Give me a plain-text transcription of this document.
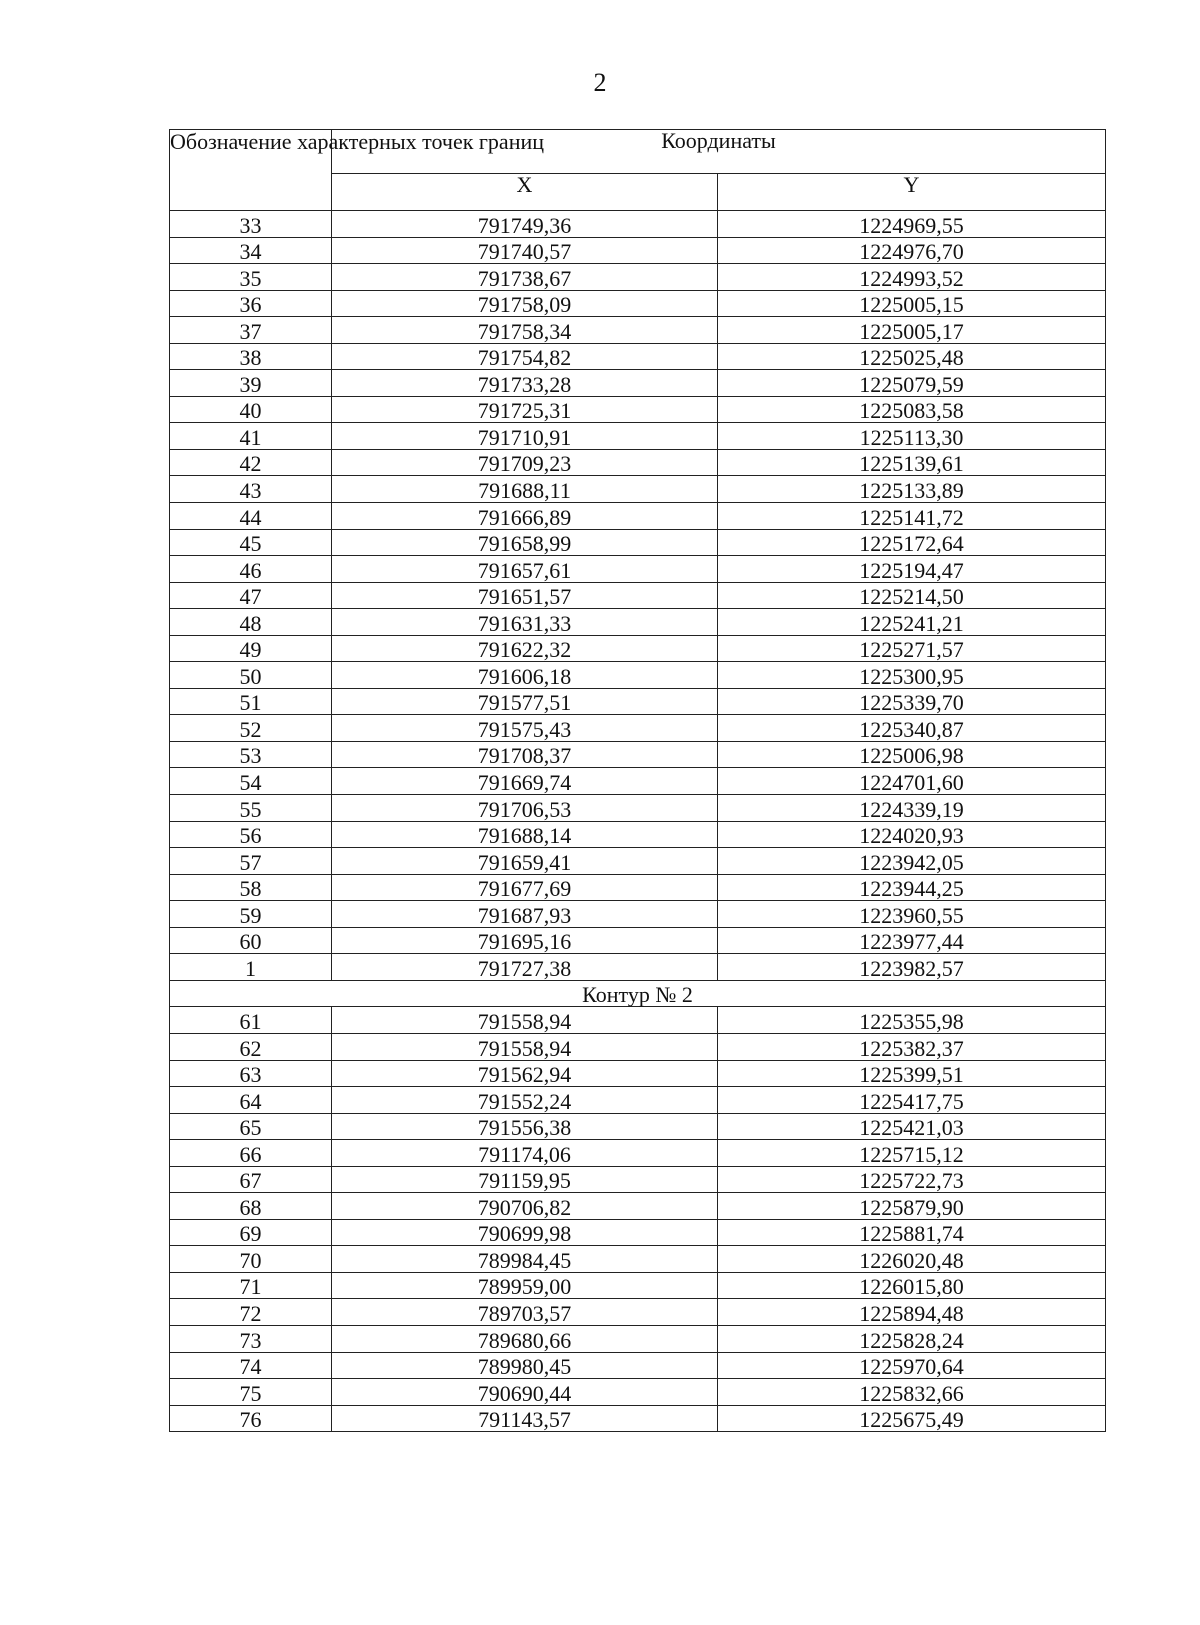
2
Обозначение характерных точек границ	Координаты	
	X	Y
33	791749,36	1224969,55
34	791740,57	1224976,70
35	791738,67	1224993,52
36	791758,09	1225005,15
37	791758,34	1225005,17
38	791754,82	1225025,48
39	791733,28	1225079,59
40	791725,31	1225083,58
41	791710,91	1225113,30
42	791709,23	1225139,61
43	791688,11	1225133,89
44	791666,89	1225141,72
45	791658,99	1225172,64
46	791657,61	1225194,47
47	791651,57	1225214,50
48	791631,33	1225241,21
49	791622,32	1225271,57
50	791606,18	1225300,95
51	791577,51	1225339,70
52	791575,43	1225340,87
53	791708,37	1225006,98
54	791669,74	1224701,60
55	791706,53	1224339,19
56	791688,14	1224020,93
57	791659,41	1223942,05
58	791677,69	1223944,25
59	791687,93	1223960,55
60	791695,16	1223977,44
1	791727,38	1223982,57
Контур № 2		
61	791558,94	1225355,98
62	791558,94	1225382,37
63	791562,94	1225399,51
64	791552,24	1225417,75
65	791556,38	1225421,03
66	791174,06	1225715,12
67	791159,95	1225722,73
68	790706,82	1225879,90
69	790699,98	1225881,74
70	789984,45	1226020,48
71	789959,00	1226015,80
72	789703,57	1225894,48
73	789680,66	1225828,24
74	789980,45	1225970,64
75	790690,44	1225832,66
76	791143,57	1225675,49
